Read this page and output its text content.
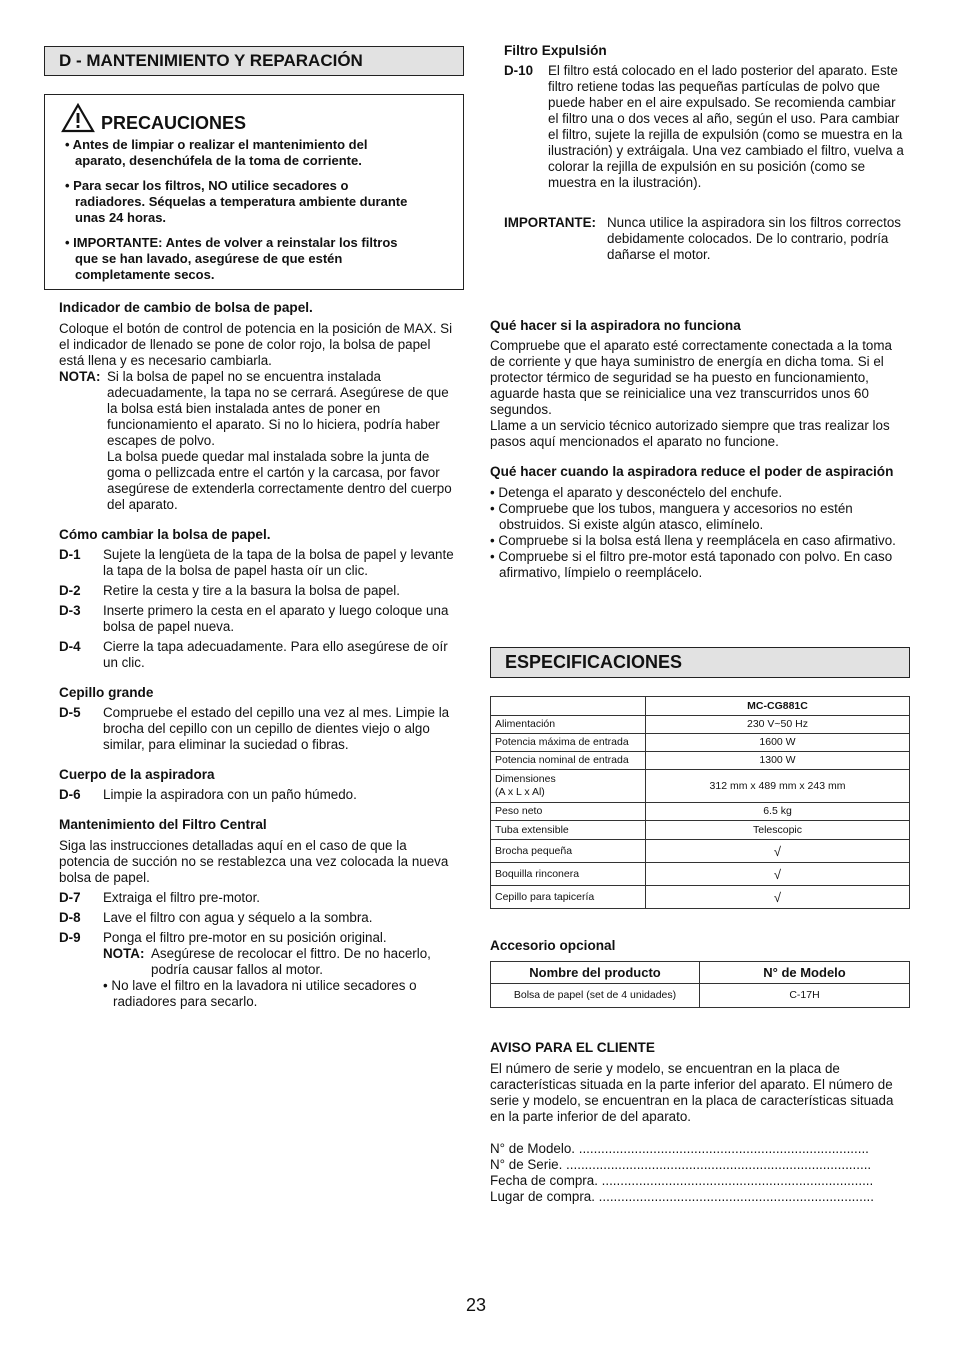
D - MANTENIMIENTO Y REPARACIÓN
PRECAUCIONES

• Antes de limpiar o realizar el mantenimiento del aparato, desenchúfela de la toma de corriente.

• Para secar los filtros, NO utilice secadores o radiadores. Séquelas a temperatura ambiente durante unas 24 horas.

• IMPORTANTE: Antes de volver a reinstalar los filtros que se han lavado, asegúrese de que estén completamente secos.

Indicador de cambio de bolsa de papel.

Coloque el botón de control de potencia en la posición de MAX. Si el indicador de llenado se pone de color rojo, la bolsa de papel está llena y es necesario cambiarla.

NOTA: Si la bolsa de papel no se encuentra instalada adecuadamente, la tapa no se cerrará. Asegúrese de que la bolsa está bien instalada antes de poner en funcionamiento el aparato. Si no lo hiciera, podría haber escapes de polvo.

La bolsa puede quedar mal instalada sobre la junta de goma o pellizcada entre el cartón y la carcasa, por favor asegúrese de extenderla correctamente dentro del cuerpo del aparato.

Cómo cambiar la bolsa de papel.

D-1	Sujete la lengüeta de la tapa de la bolsa de papel y levante la tapa de la bolsa de papel hasta oír un clic.
D-2	Retire la cesta y tire a la basura la bolsa de papel.
D-3	Inserte primero la cesta en el aparato y luego coloque una bolsa de papel nueva.
D-4	Cierre la tapa adecuadamente. Para ello asegúrese de oír un clic.

Cepillo grande

D-5	Compruebe el estado del cepillo una vez al mes. Limpie la brocha del cepillo con un cepillo de dientes viejo o algo similar, para eliminar la suciedad o fibras.

Cuerpo de la aspiradora

D-6	Limpie la aspiradora con un paño húmedo.

Mantenimiento del Filtro Central

Siga las instrucciones detalladas aquí en el caso de que la potencia de succión no se restablezca una vez colocada la nueva bolsa de papel.

D-7	Extraiga el filtro pre-motor.
D-8	Lave el filtro con agua y séquelo a la sombra.
D-9	Ponga el filtro pre-motor en su posición original.
NOTA: Asegúrese de recolocar el fittro. De no hacerlo, podría causar fallos al motor.

• No lave el filtro en la lavadora ni utilice secadores o radiadores para secarlo.

Filtro Expulsión

D-10	El filtro está colocado en el lado posterior del aparato. Este filtro retiene todas las pequeñas partículas de polvo que puede haber en el aire expulsado. Se recomienda cambiar el filtro una o dos veces al año, según el uso. Para cambiar el filtro, sujete la rejilla de expulsión (como se muestra en la ilustración) y extráigala. Una vez cambiado el filtro, vuelva a colorar la rejilla de expulsión en su posición (como se muestra en la ilustración).
IMPORTANTE: Nunca utilice la aspiradora sin los filtros correctos debidamente colocados. De lo contrario, podría dañarse el motor.

Qué hacer si la aspiradora no funciona

Compruebe que el aparato esté correctamente conectada a la toma de corriente y que haya suministro de energía en dicha toma. Si el protector térmico de seguridad se ha puesto en funcionamiento, aguarde hasta que se reinicialice una vez transcurridos unos 60 segundos.

Llame a un servicio técnico autorizado siempre que tras realizar los pasos aquí mencionados el aparato no funcione.

Qué hacer cuando la aspiradora reduce el poder de aspiración

• Detenga el aparato y desconéctelo del enchufe.

• Compruebe que los tubos, manguera y accesorios no estén obstruidos. Si existe algún atasco, elimínelo.

• Compruebe si la bolsa está llena y reemplácela en caso afirmativo.

• Compruebe si el filtro pre-motor está taponado con polvo. En caso afirmativo, límpielo o reemplácelo.

ESPECIFICACIONES
	MC-CG881C
Alimentación	230 V~50 Hz
Potencia máxima de entrada	1600 W
Potencia nominal de entrada	1300 W

Dimensiones
(A x L x Al)	312 mm x 489 mm x 243 mm
Peso neto	6.5 kg
Tuba extensible	Telescopic
Brocha pequeña	√
Boquilla rinconera	√
Cepillo para tapicería	√

Accesorio opcional

Nombre del producto	N° de Modelo
Bolsa de papel (set de 4 unidades)	C-17H

AVISO PARA EL CLIENTE

El número de serie y modelo, se encuentran en la placa de características situada en la parte inferior del aparato. El número de serie y modelo, se encuentran en la placa de características situada en la parte inferior de del aparato.

N° de Modelo. ..............................................................................

N° de Serie. ..................................................................................

Fecha de compra. .........................................................................

Lugar de compra. ..........................................................................

23
